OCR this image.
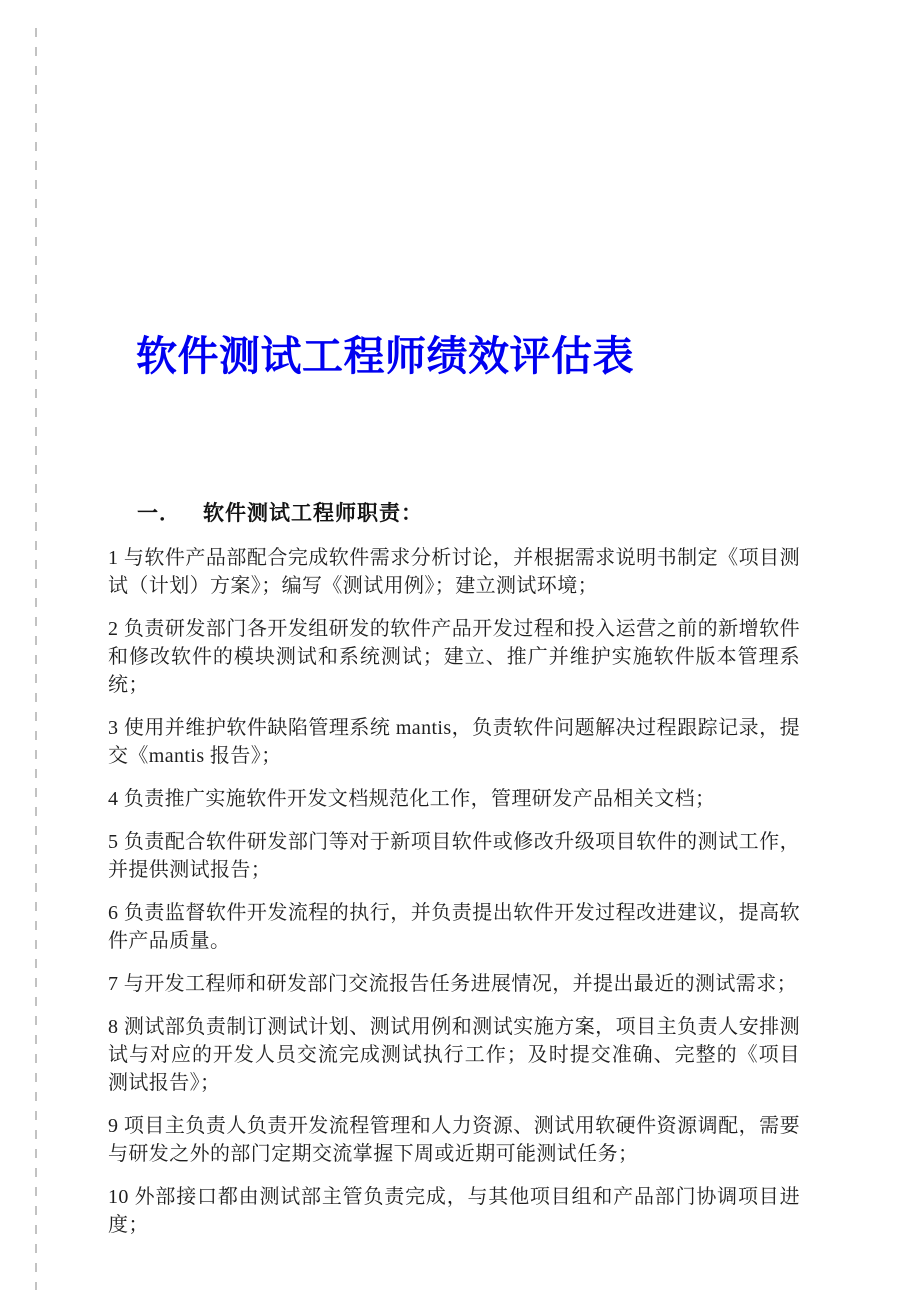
软件测试工程师绩效评估表
一． 软件测试工程师职责：

1 与软件产品部配合完成软件需求分析讨论，并根据需求说明书制定《项目测试（计划）方案》；编写《测试用例》；建立测试环境；

2 负责研发部门各开发组研发的软件产品开发过程和投入运营之前的新增软件和修改软件的模块测试和系统测试；建立、推广并维护实施软件版本管理系统；

3 使用并维护软件缺陷管理系统 mantis，负责软件问题解决过程跟踪记录，提交《mantis 报告》；

4 负责推广实施软件开发文档规范化工作，管理研发产品相关文档；

5 负责配合软件研发部门等对于新项目软件或修改升级项目软件的测试工作，并提供测试报告；

6 负责监督软件开发流程的执行，并负责提出软件开发过程改进建议，提高软件产品质量。

7 与开发工程师和研发部门交流报告任务进展情况，并提出最近的测试需求；

8 测试部负责制订测试计划、测试用例和测试实施方案，项目主负责人安排测试与对应的开发人员交流完成测试执行工作；及时提交准确、完整的《项目测试报告》；

9 项目主负责人负责开发流程管理和人力资源、测试用软硬件资源调配，需要与研发之外的部门定期交流掌握下周或近期可能测试任务；

10 外部接口都由测试部主管负责完成，与其他项目组和产品部门协调项目进度；
